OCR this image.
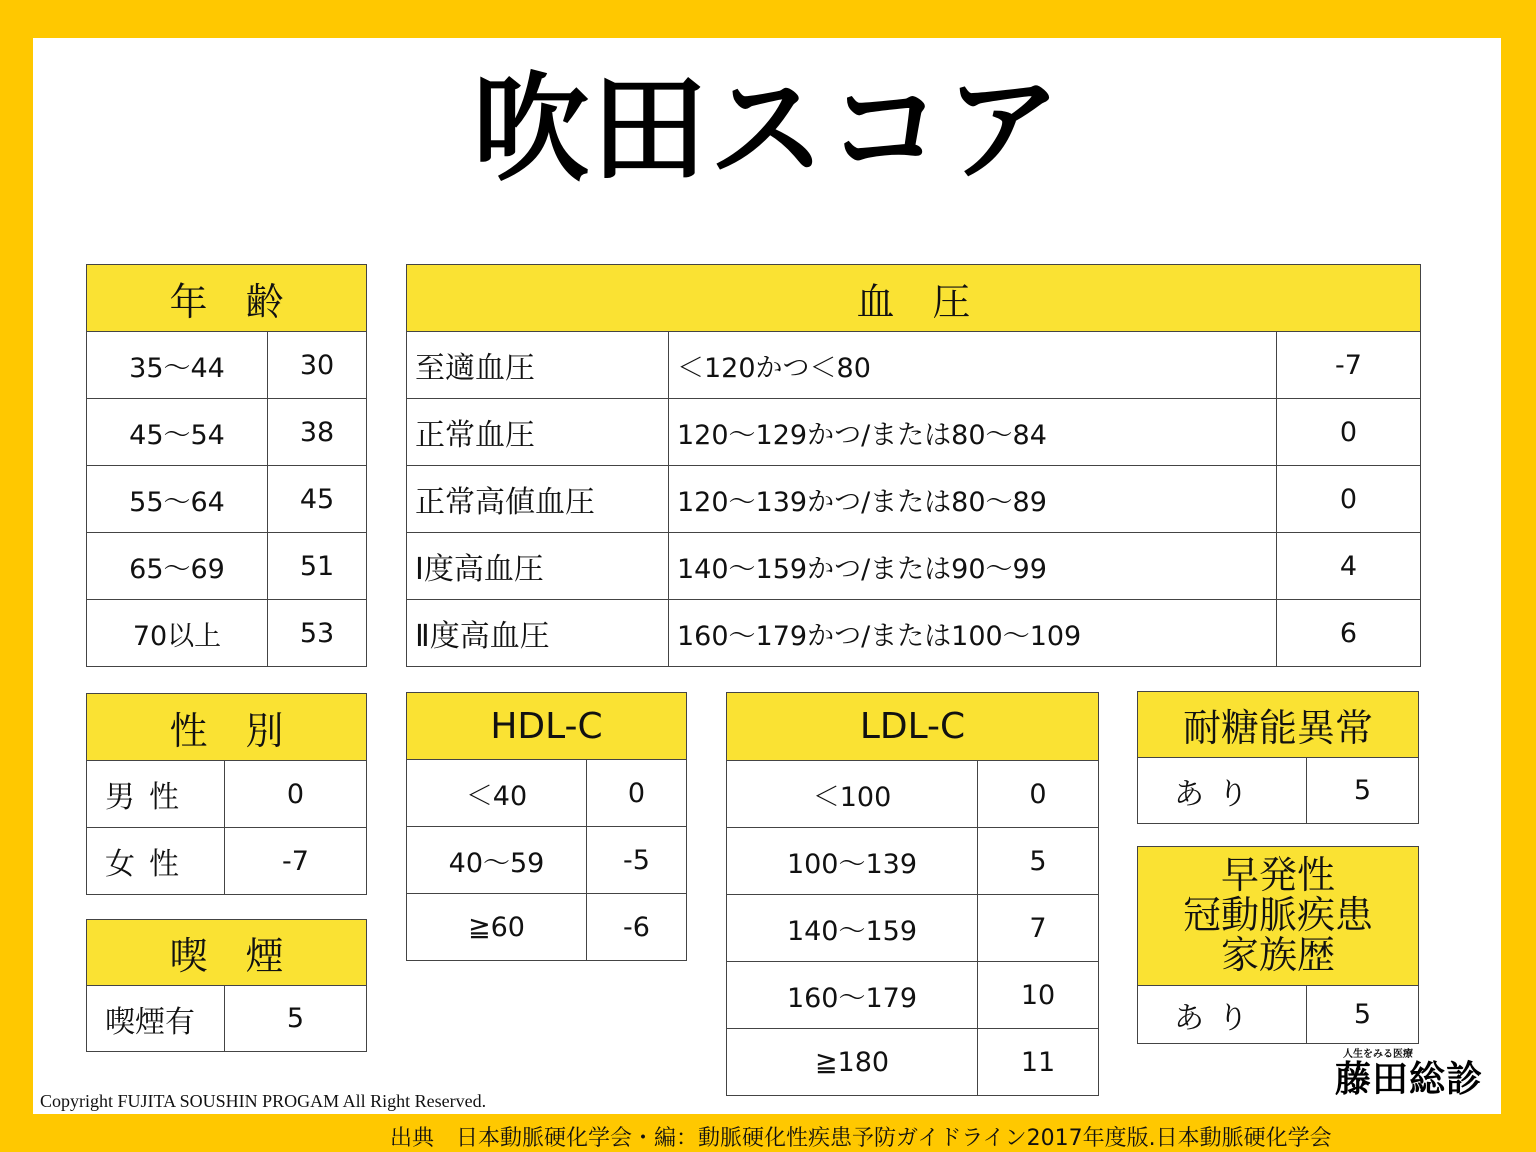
吹田スコア
年　齢	
35〜44	30
45〜54	38
55〜64	45
65〜69	51
70以上	53
血　圧		
至適血圧	＜120かつ＜80	-7
正常血圧	120〜129かつ/または80〜84	0
正常高値血圧	120〜139かつ/または80〜89	0
Ⅰ度高血圧	140〜159かつ/または90〜99	4
Ⅱ度高血圧	160〜179かつ/または100〜109	6
性　別	
男性	0
女性	-7
喫　煙
喫煙有	5
HDL-C	
＜40	0
40〜59	-5
≧60	-6
LDL-C	
＜100	0
100〜139	5
140〜159	7
160〜179	10
≧180	11
耐糖能異常
あり	5
早発性
冠動脈疾患
家族歴

あり	5
人生をみる医療
藤田総診
Copyright FUJITA SOUSHIN PROGAM All Right Reserved.
出典　日本動脈硬化学会・編：動脈硬化性疾患予防ガイドライン2017年度版.日本動脈硬化学会
